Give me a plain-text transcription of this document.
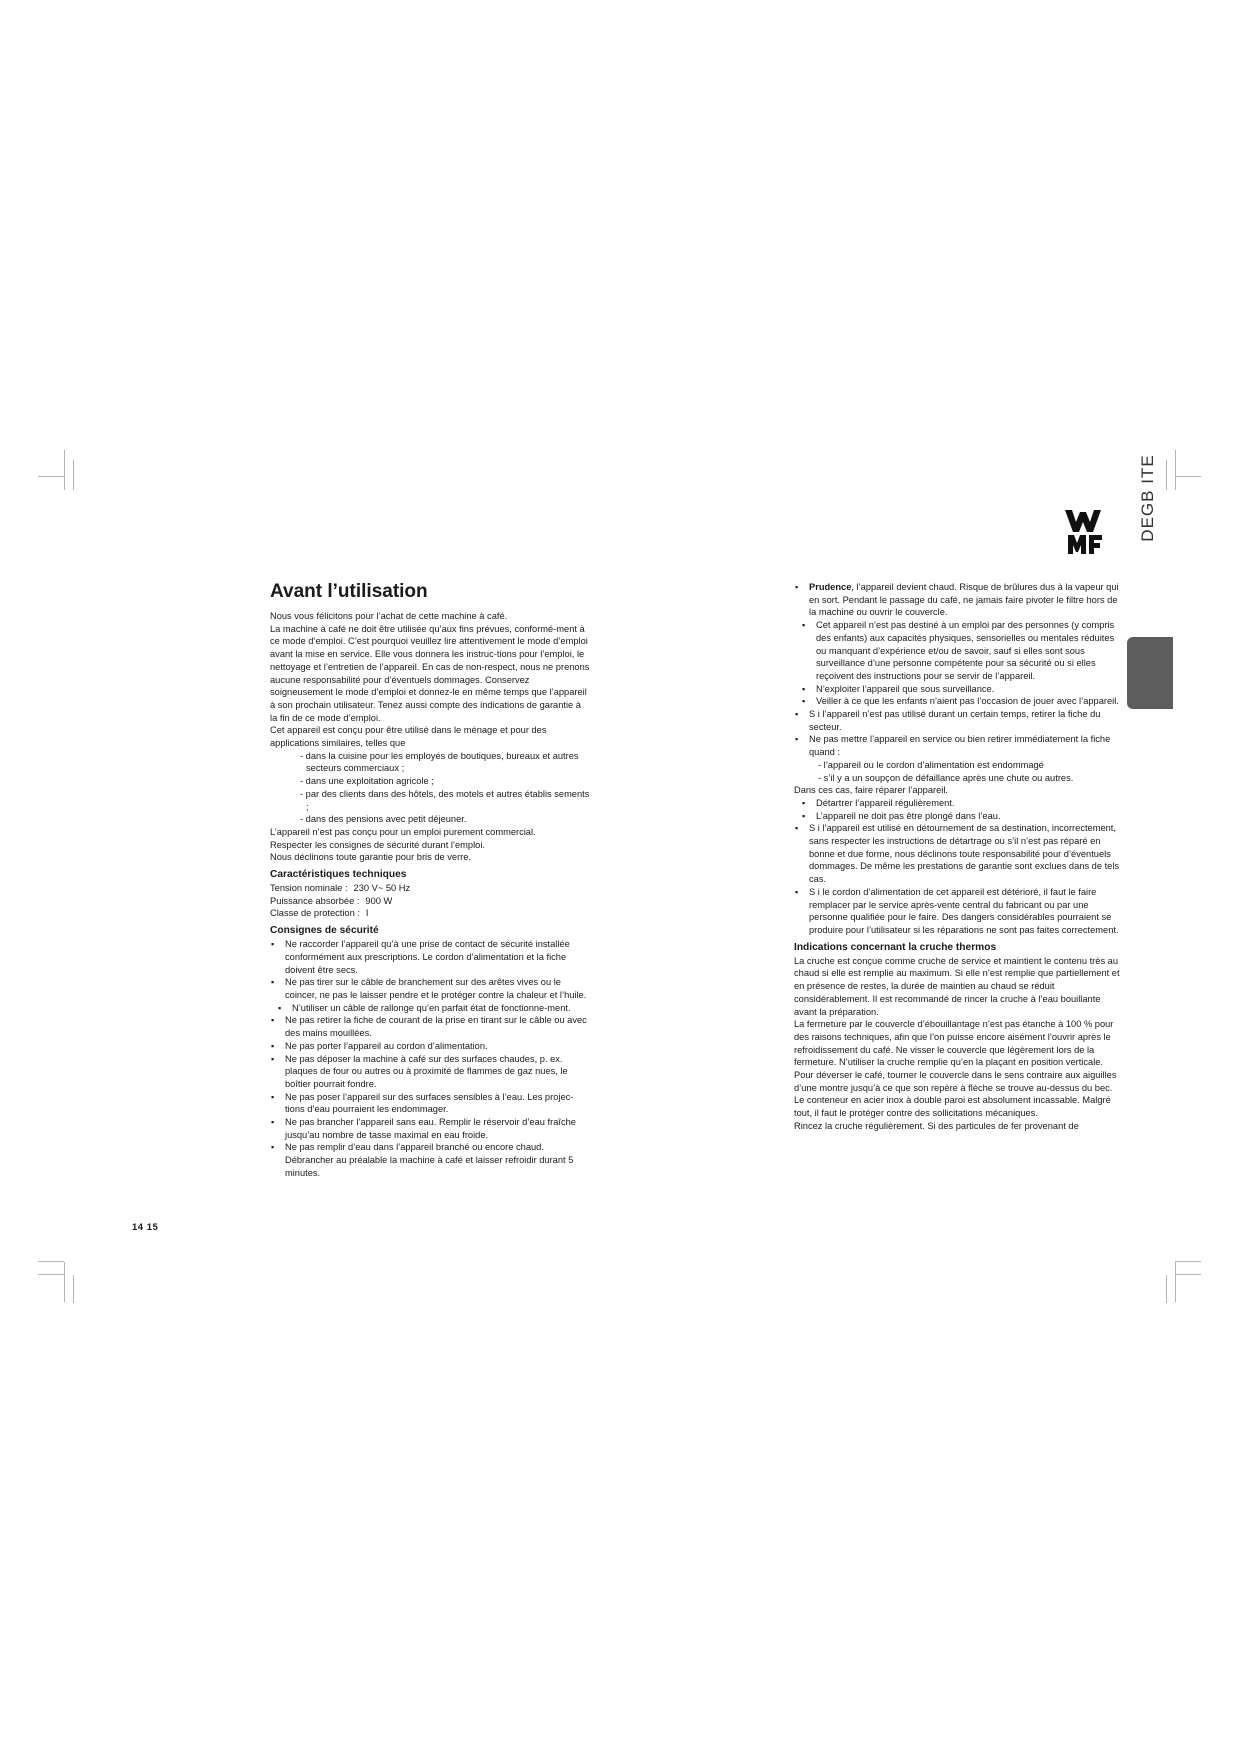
DEGB ITE
Avant l’utilisation

Nous vous félicitons pour l’achat de cette machine à café.

La machine à café ne doit être utilisée qu’aux fins prévues, conformé-ment à ce mode d’emploi. C’est pourquoi veuillez lire attentivement le mode d’emploi avant la mise en service. Elle vous donnera les instruc-tions pour l’emploi, le nettoyage et l’entretien de l’appareil. En cas de non-respect, nous ne prenons aucune responsabilité pour d’éventuels dommages. Conservez soigneusement le mode d’emploi et donnez-le en même temps que l’appareil à son prochain utilisateur. Tenez aussi compte des indications de garantie à la fin de ce mode d’emploi.

Cet appareil est conçu pour être utilisé dans le ménage et pour des applications similaires, telles que

- dans la cuisine pour les employés de boutiques, bureaux et autres secteurs commerciaux ;

- dans une exploitation agricole ;

- par des clients dans des hôtels, des motels et autres établis sements ;

- dans des pensions avec petit déjeuner.

L’appareil n’est pas conçu pour un emploi purement commercial.

Respecter les consignes de sécurité durant l’emploi.

Nous déclinons toute garantie pour bris de verre.

Caractéristiques techniques
Tension nominale : 230 V~ 50 Hz
Puissance absorbée : 900 W
Classe de protection : I
Consignes de sécurité
▪ Ne raccorder l’appareil qu’à une prise de contact de sécurité installée conformément aux prescriptions. Le cordon d’alimentation et la fiche doivent être secs.
▪ Ne pas tirer sur le câble de branchement sur des arêtes vives ou le coincer, ne pas le laisser pendre et le protéger contre la chaleur et l’huile.
▪ N’utiliser un câble de rallonge qu’en parfait état de fonctionne-ment.
▪ Ne pas retirer la fiche de courant de la prise en tirant sur le câble ou avec des mains mouillées.
▪ Ne pas porter l’appareil au cordon d’alimentation.
▪ Ne pas déposer la machine à café sur des surfaces chaudes, p. ex. plaques de four ou autres ou à proximité de flammes de gaz nues, le boîtier pourrait fondre.
▪ Ne pas poser l’appareil sur des surfaces sensibles à l’eau. Les projec-tions d’eau pourraient les endommager.
▪ Ne pas brancher l’appareil sans eau. Remplir le réservoir d’eau fraîche jusqu’au nombre de tasse maximal en eau froide.
▪ Ne pas remplir d’eau dans l’appareil branché ou encore chaud. Débrancher au préalable la machine à café et laisser refroidir durant 5 minutes.
▪ Prudence, l’appareil devient chaud. Risque de brûlures dus à la vapeur qui en sort. Pendant le passage du café, ne jamais faire pivoter le filtre hors de la machine ou ouvrir le couvercle.
▪ Cet appareil n’est pas destiné à un emploi par des personnes (y compris des enfants) aux capacités physiques, sensorielles ou mentales réduites ou manquant d’expérience et/ou de savoir, sauf si elles sont sous surveillance d’une personne compétente pour sa sécurité ou si elles reçoivent des instructions pour se servir de l’appareil.
▪ N’exploiter l’appareil que sous surveillance.
▪ Veiller à ce que les enfants n’aient pas l’occasion de jouer avec l’appareil.
▪ S i l’appareil n’est pas utilisé durant un certain temps, retirer la fiche du secteur.
▪ Ne pas mettre l’appareil en service ou bien retirer immédiatement la fiche quand :

- l’appareil ou le cordon d’alimentation est endommagé

- s’il y a un soupçon de défaillance après une chute ou autres.

Dans ces cas, faire réparer l’appareil.

▪ Détartrer l’appareil régulièrement.
▪ L’appareil ne doit pas être plongé dans l’eau.
▪ S i l’appareil est utilisé en détournement de sa destination, incorrectement, sans respecter les instructions de détartrage ou s’il n’est pas réparé en bonne et due forme, nous déclinons toute responsabilité pour d’éventuels dommages. De même les prestations de garantie sont exclues dans de tels cas.
▪ S i le cordon d’alimentation de cet appareil est détérioré, il faut le faire remplacer par le service après-vente central du fabricant ou par une personne qualifiée pour le faire. Des dangers considérables pourraient se produire pour l’utilisateur si les réparations ne sont pas faites correctement.
Indications concernant la cruche thermos

La cruche est conçue comme cruche de service et maintient le contenu très au chaud si elle est remplie au maximum. Si elle n’est remplie que partiellement et en présence de restes, la durée de maintien au chaud se réduit considérablement. Il est recommandé de rincer la cruche à l’eau bouillante avant la préparation.

La fermeture par le couvercle d’ébouillantage n’est pas étanche à 100 % pour des raisons techniques, afin que l’on puisse encore aisément l’ouvrir après le refroidissement du café. Ne visser le couvercle que légèrement lors de la fermeture. N’utiliser la cruche remplie qu’en la plaçant en position verticale.

Pour déverser le café, tourner le couvercle dans le sens contraire aux aiguilles d’une montre jusqu’à ce que son repère à flèche se trouve au-dessus du bec.

Le conteneur en acier inox à double paroi est absolument incassable. Malgré tout, il faut le protéger contre des sollicitations mécaniques.

Rincez la cruche régulièrement. Si des particules de fer provenant de

14 15
